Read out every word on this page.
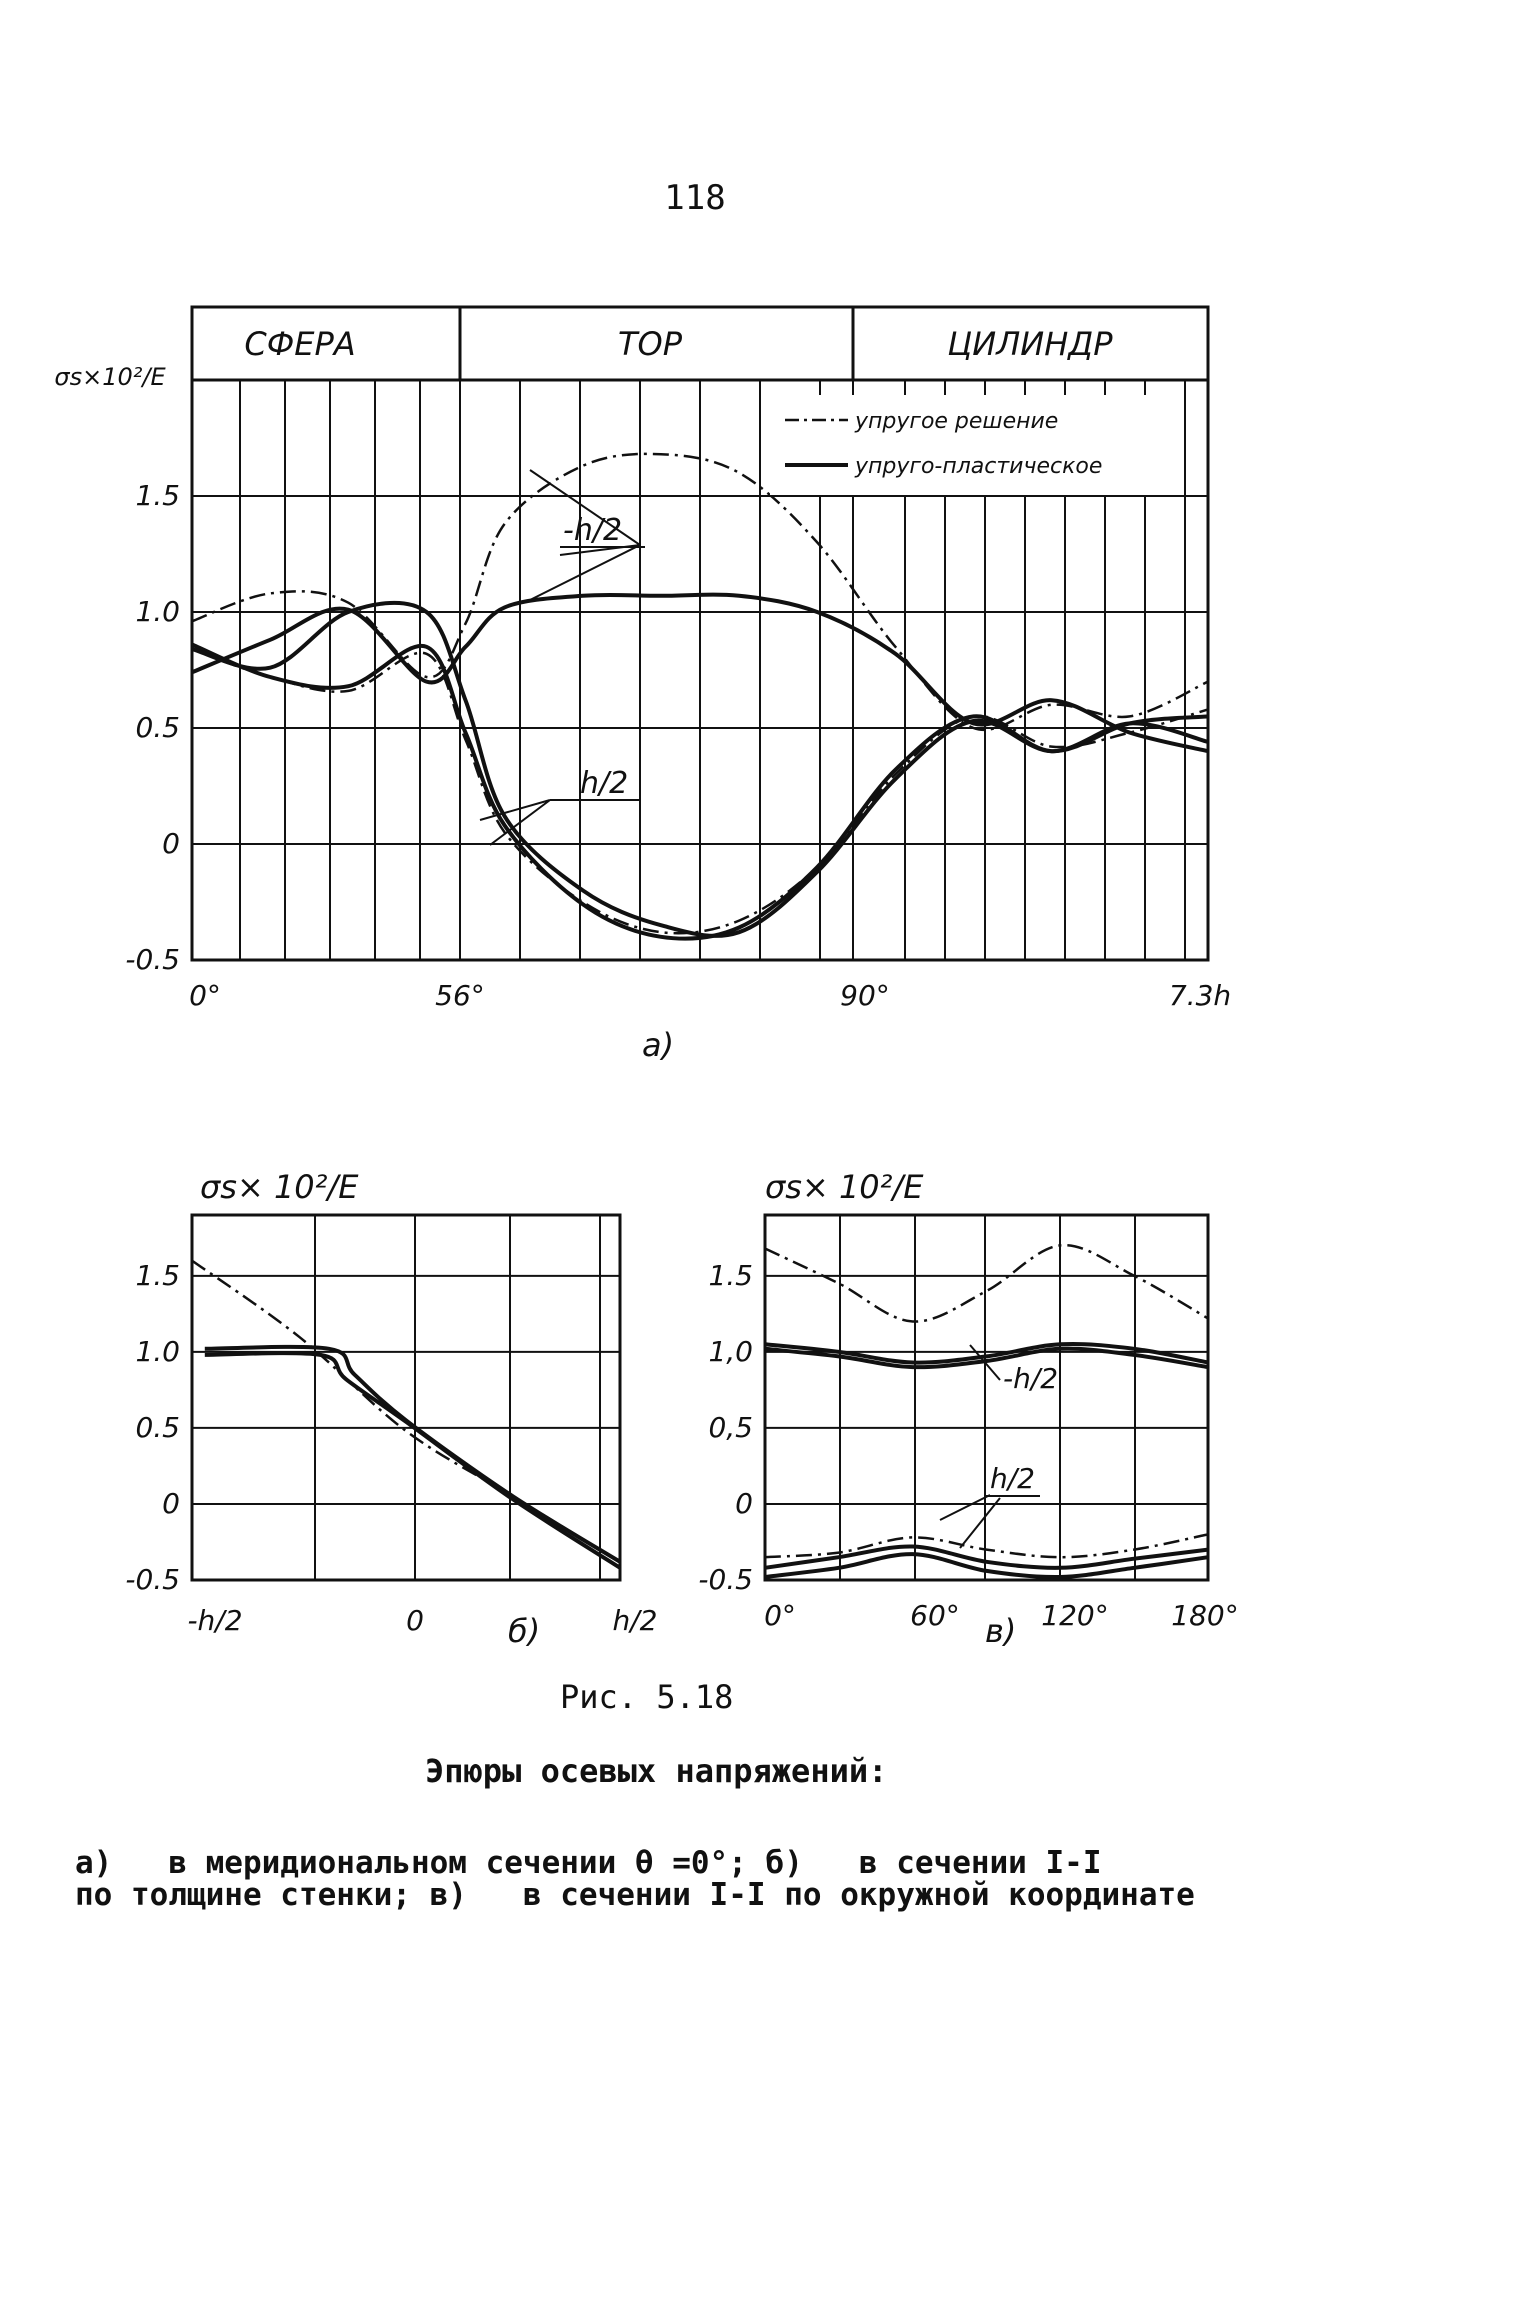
118
СФЕРА	ТОР	ЦИЛИНДР
1.5
1.0
0.5
0
-0.5
0°	56°	90°	7.3h
σs×10²/E
упругое решение
упруго-пластическое
-h/2
h/2
а)
1.5
1.0
0.5
0
-0.5
-h/2	0	h/2
σs× 10²/E
б)
1.5
1,0
0,5
0
-0.5
0°	60°	120° 180°
σs× 10²/E
-h/2
h/2
в)
Рис. 5.18
Эпюры осевых напряжений:
а)   в меридиональном сечении θ =0°; б)   в сечении I-I
по толщине стенки; в)   в сечении I-I по окружной координате
